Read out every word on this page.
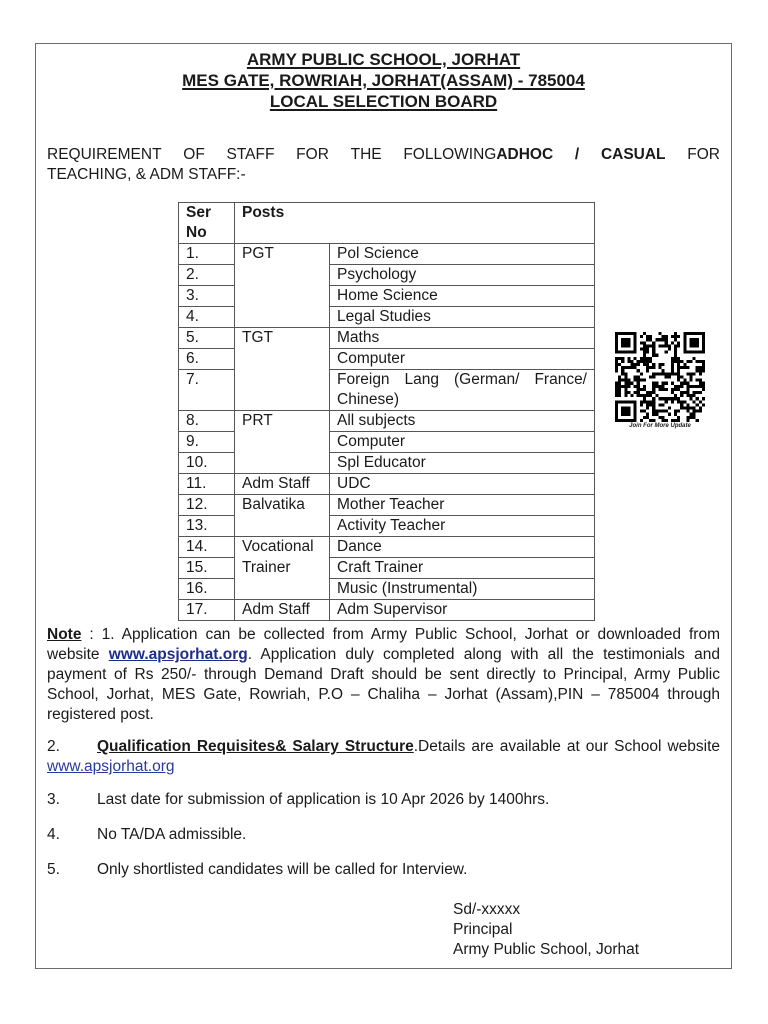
ARMY PUBLIC SCHOOL, JORHAT
MES GATE, ROWRIAH, JORHAT(ASSAM) - 785004
LOCAL SELECTION BOARD
REQUIREMENT OF STAFF FOR THE FOLLOWINGADHOC / CASUAL FOR
TEACHING, & ADM STAFF:-
Ser
No	Posts	
1.	PGT	Pol Science
2.		Psychology
3.		Home Science
4.		Legal Studies
5.	TGT	Maths
6.		Computer
7.		Foreign Lang (German/ France/ Chinese)
8.	PRT	All subjects
9.		Computer
10.		Spl Educator
11.	Adm Staff	UDC
12.	Balvatika	Mother Teacher
13.		Activity Teacher
14.	Vocational	Dance
15.	Trainer	Craft Trainer
16.		Music (Instrumental)
17.	Adm Staff	Adm Supervisor
Join For More Update
Note : 1. Application can be collected from Army Public School, Jorhat or downloaded from website www.apsjorhat.org. Application duly completed along with all the testimonials and payment of Rs 250/- through Demand Draft should be sent directly to Principal, Army Public School, Jorhat, MES Gate, Rowriah, P.O – Chaliha – Jorhat (Assam),PIN – 785004 through registered post.
2. Qualification Requisites& Salary Structure.Details are available at our School website www.apsjorhat.org
3. Last date for submission of application is 10 Apr 2026 by 1400hrs.
4. No TA/DA admissible.
5. Only shortlisted candidates will be called for Interview.
Sd/-xxxxx
Principal
Army Public School, Jorhat
